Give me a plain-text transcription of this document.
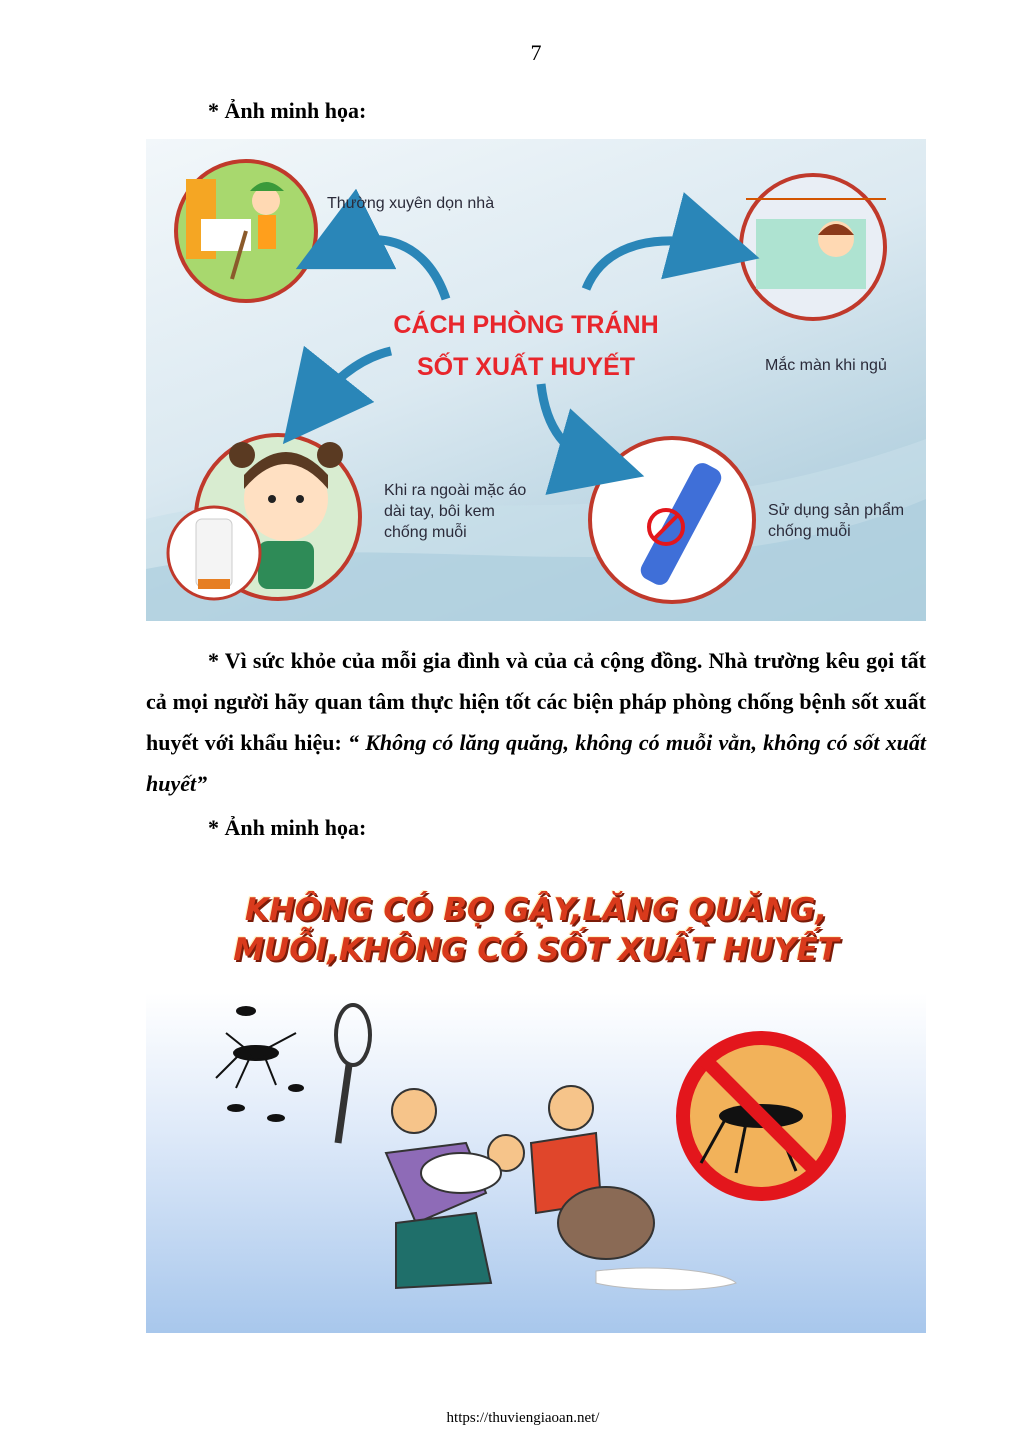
7
* Ảnh minh họa:
CÁCH PHÒNG TRÁNH
SỐT XUẤT HUYẾT
Thường xuyên dọn nhà
Mắc màn khi ngủ
Khi ra ngoài mặc áo
dài tay, bôi kem
chống muỗi
Sử dụng sản phẩm
chống muỗi
* Vì sức khỏe của mỗi gia đình và của cả cộng đồng. Nhà trường kêu gọi tất cả mọi người hãy quan tâm thực hiện tốt các biện pháp phòng chống bệnh sốt xuất huyết với khẩu hiệu: “ Không có lăng quăng, không có muỗi vằn, không có sốt xuất huyết”
* Ảnh minh họa:
KHÔNG CÓ BỌ GẬY,LĂNG QUĂNG,
MUỖI,KHÔNG CÓ SỐT XUẤT HUYẾT
https://thuviengiaoan.net/
